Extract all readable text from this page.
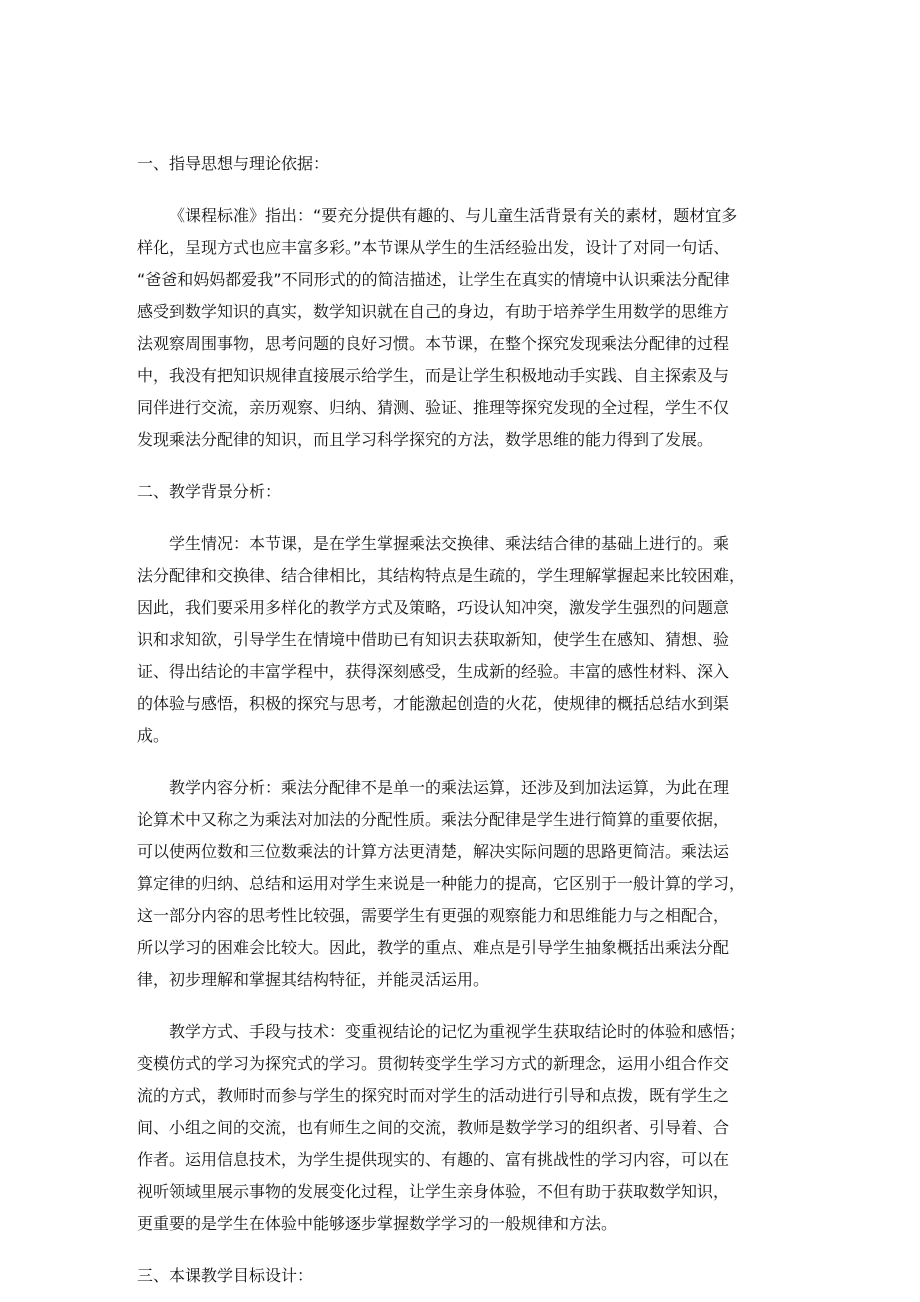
一、指导思想与理论依据：

《课程标准》指出：“要充分提供有趣的、与儿童生活背景有关的素材，题材宜多
样化，呈现方式也应丰富多彩。”本节课从学生的生活经验出发，设计了对同一句话、
“爸爸和妈妈都爱我”不同形式的的简洁描述，让学生在真实的情境中认识乘法分配律
感受到数学知识的真实，数学知识就在自己的身边，有助于培养学生用数学的思维方
法观察周围事物，思考问题的良好习惯。本节课，在整个探究发现乘法分配律的过程
中，我没有把知识规律直接展示给学生，而是让学生积极地动手实践、自主探索及与
同伴进行交流，亲历观察、归纳、猜测、验证、推理等探究发现的全过程，学生不仅
发现乘法分配律的知识，而且学习科学探究的方法，数学思维的能力得到了发展。

二、教学背景分析：

学生情况：本节课，是在学生掌握乘法交换律、乘法结合律的基础上进行的。乘
法分配律和交换律、结合律相比，其结构特点是生疏的，学生理解掌握起来比较困难，
因此，我们要采用多样化的教学方式及策略，巧设认知冲突，激发学生强烈的问题意
识和求知欲，引导学生在情境中借助已有知识去获取新知，使学生在感知、猜想、验
证、得出结论的丰富学程中，获得深刻感受，生成新的经验。丰富的感性材料、深入
的体验与感悟，积极的探究与思考，才能激起创造的火花，使规律的概括总结水到渠
成。
教学内容分析：乘法分配律不是单一的乘法运算，还涉及到加法运算，为此在理
论算术中又称之为乘法对加法的分配性质。乘法分配律是学生进行简算的重要依据，
可以使两位数和三位数乘法的计算方法更清楚，解决实际问题的思路更简洁。乘法运
算定律的归纳、总结和运用对学生来说是一种能力的提高，它区别于一般计算的学习，
这一部分内容的思考性比较强，需要学生有更强的观察能力和思维能力与之相配合，
所以学习的困难会比较大。因此，教学的重点、难点是引导学生抽象概括出乘法分配
律，初步理解和掌握其结构特征，并能灵活运用。
教学方式、手段与技术：变重视结论的记忆为重视学生获取结论时的体验和感悟；
变模仿式的学习为探究式的学习。贯彻转变学生学习方式的新理念，运用小组合作交
流的方式，教师时而参与学生的探究时而对学生的活动进行引导和点拨，既有学生之
间、小组之间的交流，也有师生之间的交流，教师是数学学习的组织者、引导着、合
作者。运用信息技术，为学生提供现实的、有趣的、富有挑战性的学习内容，可以在
视听领域里展示事物的发展变化过程，让学生亲身体验，不但有助于获取数学知识，
更重要的是学生在体验中能够逐步掌握数学学习的一般规律和方法。

三、本课教学目标设计：
